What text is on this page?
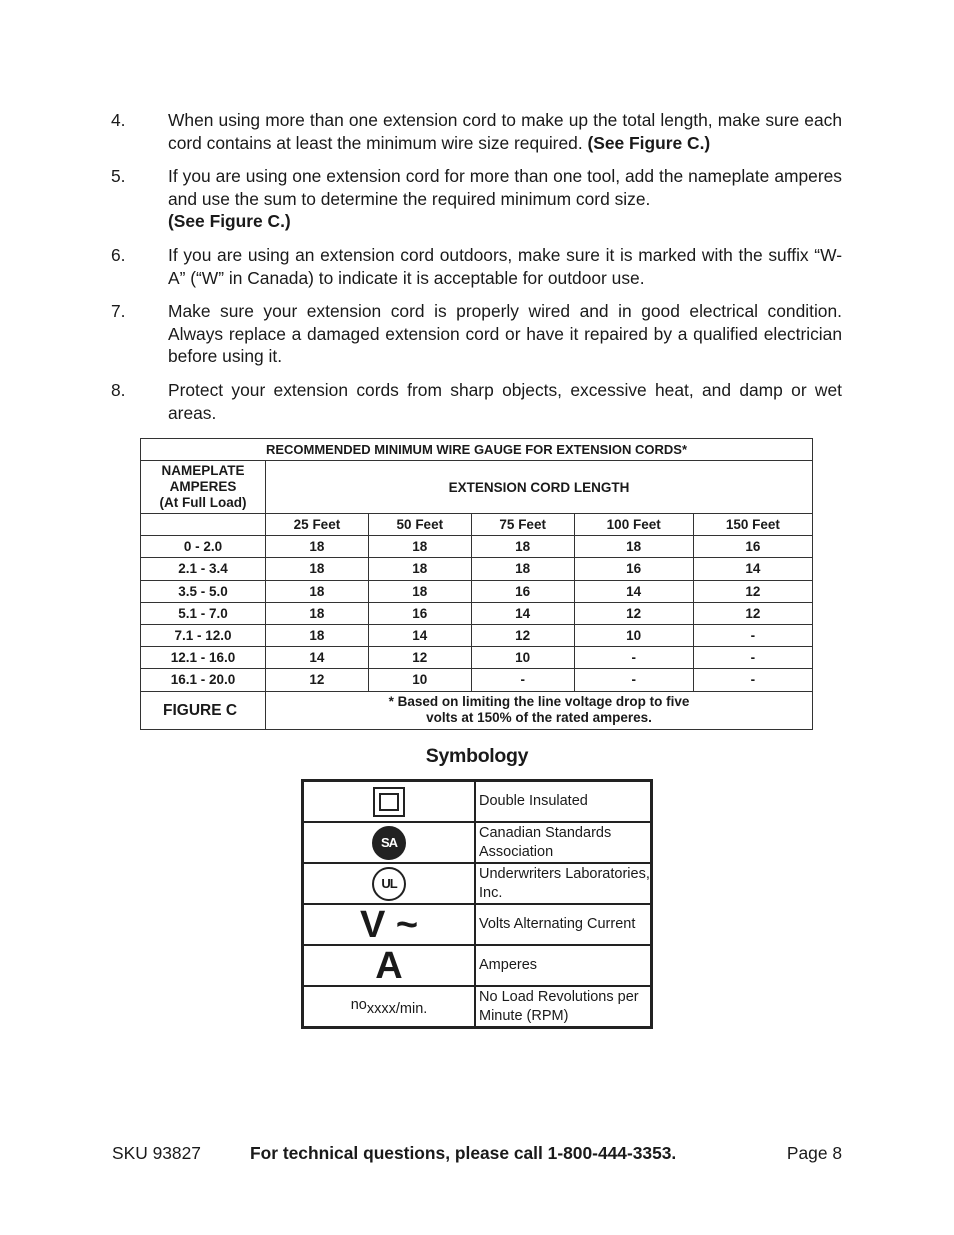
4.	When using more than one extension cord to make up the total length, make sure each cord contains at least the minimum wire size required. (See Figure C.)
5.	If you are using one extension cord for more than one tool, add the nameplate amperes and use the sum to determine the required minimum cord size.
(See Figure C.)
6.	If you are using an extension cord outdoors, make sure it is marked with the suffix “W-A” (“W” in Canada) to indicate it is acceptable for outdoor use.
7.	Make sure your extension cord is properly wired and in good electrical condition. Always replace a damaged extension cord or have it repaired by a qualified electrician before using it.
8.	Protect your extension cords from sharp objects, excessive heat, and damp or wet areas.
RECOMMENDED MINIMUM WIRE GAUGE FOR EXTENSION CORDS*					
NAMEPLATE
AMPERES
(At Full Load)	EXTENSION CORD LENGTH				
	25 Feet	50 Feet	75 Feet	100 Feet	150 Feet
0 - 2.0	18	18	18	18	16
2.1 - 3.4	18	18	18	16	14
3.5 - 5.0	18	18	16	14	12
5.1 - 7.0	18	16	14	12	12
7.1 - 12.0	18	14	12	10	-
12.1 - 16.0	14	12	10	-	-
16.1 - 20.0	12	10	-	-	-
FIGURE C	* Based on limiting the line voltage drop to five
volts at 150% of the rated amperes.				
Symbology
	Double Insulated
SA	Canadian Standards Association
UL	Underwriters Laboratories, Inc.
V ~	Volts Alternating Current
A	Amperes
$no_{xxxx/min.}$	No Load Revolutions per Minute (RPM)
SKU 93827	For technical questions, please call 1-800-444-3353.	Page 8
